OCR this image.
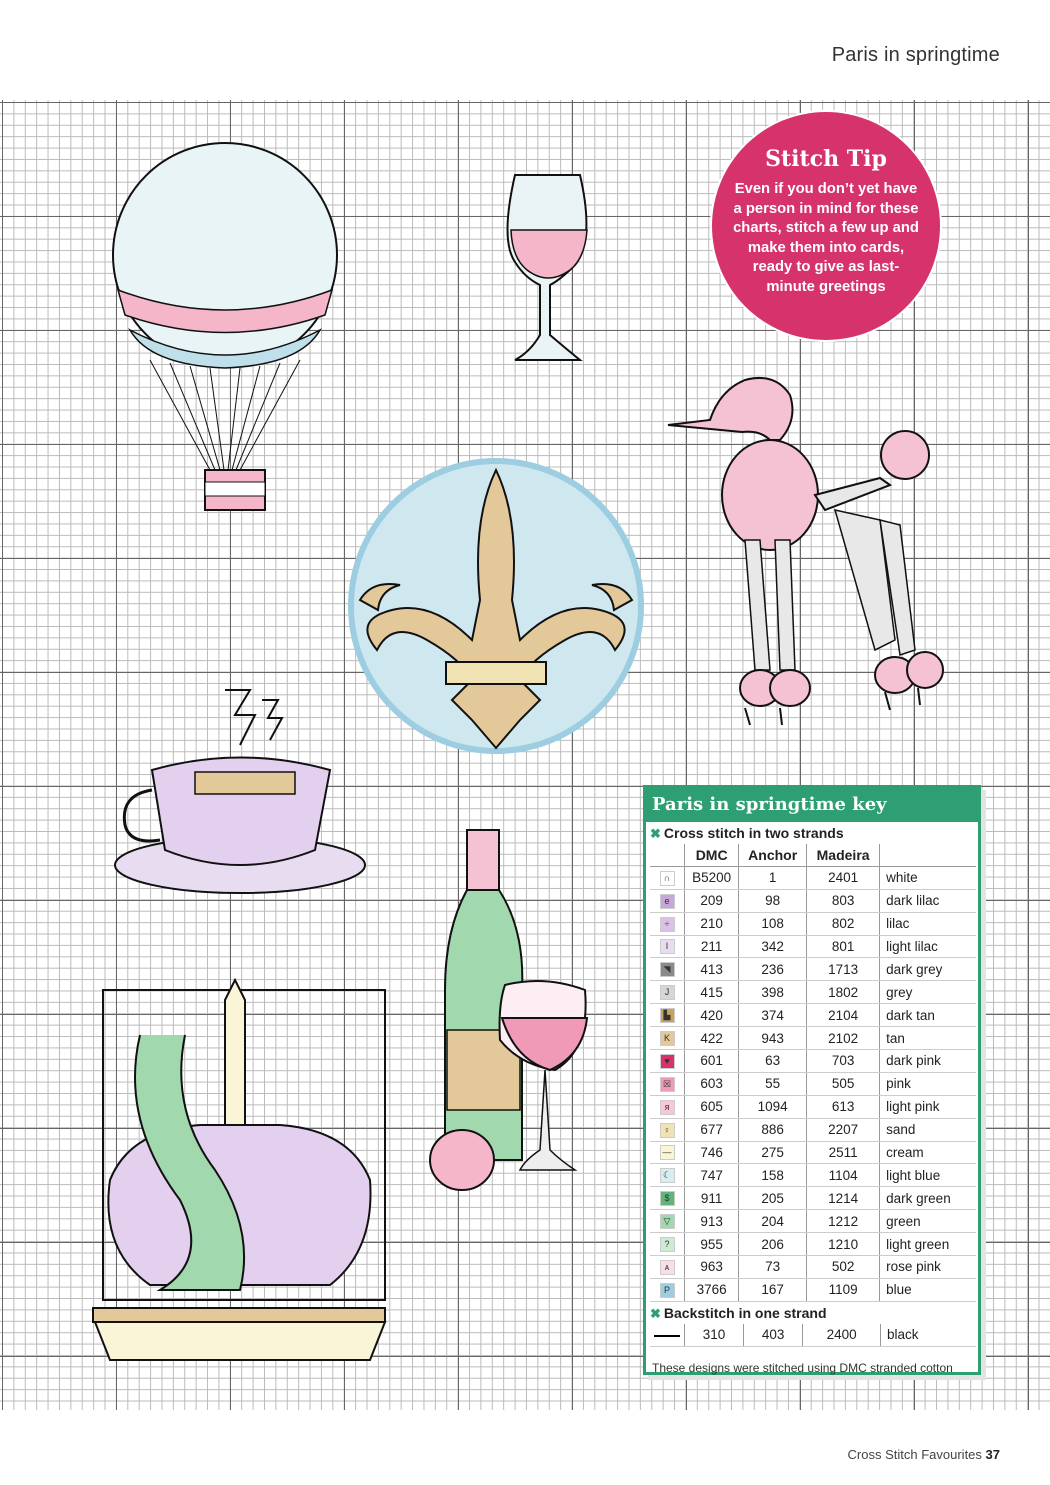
Paris in springtime
Stitch Tip
Even if you don’t yet have a person in mind for these charts, stitch a few up and make them into cards, ready to give as last-minute greetings
Paris in springtime key
✖ Cross stitch in two strands
	DMC	Anchor	Madeira	
∩	B5200	1	2401	white
e	209	98	803	dark lilac
÷	210	108	802	lilac
I	211	342	801	light lilac
◥	413	236	1713	dark grey
J	415	398	1802	grey
▙	420	374	2104	dark tan
K	422	943	2102	tan
♥	601	63	703	dark pink
☒	603	55	505	pink
я	605	1094	613	light pink
♀	677	886	2207	sand
—	746	275	2511	cream
☾	747	158	1104	light blue
$	911	205	1214	dark green
▽	913	204	1212	green
?	955	206	1210	light green
ᴀ	963	73	502	rose pink
P	3766	167	1109	blue
✖ Backstitch in one strand
	310	403	2400	black
These designs were stitched using DMC stranded cotton
Cross Stitch Favourites 37
